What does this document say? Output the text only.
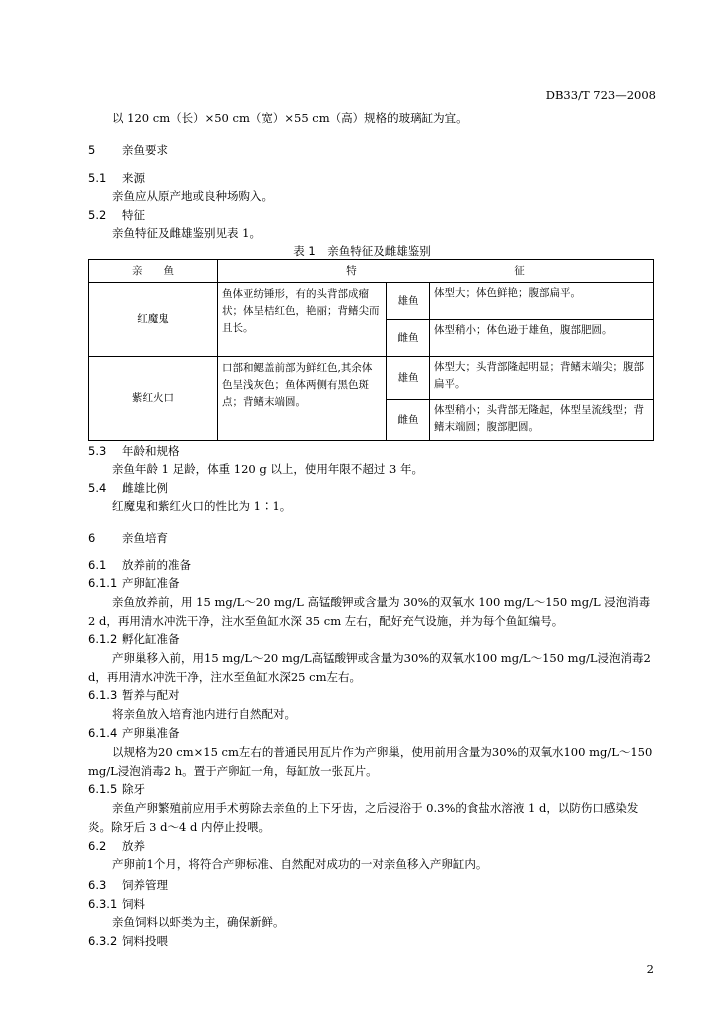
DB33/T 723—2008
以 120 cm（长）×50 cm（宽）×55 cm（高）规格的玻璃缸为宜。
5 亲鱼要求
5.1 来源
亲鱼应从原产地或良种场购入。
5.2 特征
亲鱼特征及雌雄鉴别见表 1。
表 1　亲鱼特征及雌雄鉴别
亲　　鱼	特　　　　　　　　　　　　　　　征		
红魔鬼	鱼体亚纺锤形，有的头背部成瘤状；体呈桔红色，艳丽；背鳍尖而且长。	雄鱼	体型大；体色鲜艳；腹部扁平。
		雌鱼	体型稍小；体色逊于雄鱼，腹部肥圆。
紫红火口	口部和鳃盖前部为鲜红色,其余体色呈浅灰色；鱼体两侧有黑色斑点；背鳍末端圆。	雄鱼	体型大；头背部隆起明显；背鳍末端尖；腹部扁平。
		雌鱼	体型稍小；头背部无隆起，体型呈流线型；背鳍末端圆；腹部肥圆。
5.3 年龄和规格
亲鱼年龄 1 足龄，体重 120 g 以上，使用年限不超过 3 年。
5.4 雌雄比例
红魔鬼和紫红火口的性比为 1∶1。
6 亲鱼培育
6.1 放养前的准备
6.1.1 产卵缸准备
亲鱼放养前，用 15 mg/L～20 mg/L 高锰酸钾或含量为 30%的双氧水 100 mg/L～150 mg/L 浸泡消毒 2 d，再用清水冲洗干净，注水至鱼缸水深 35 cm 左右，配好充气设施，并为每个鱼缸编号。
6.1.2 孵化缸准备
产卵巢移入前，用15 mg/L～20 mg/L高锰酸钾或含量为30%的双氧水100 mg/L～150 mg/L浸泡消毒2 d，再用清水冲洗干净，注水至鱼缸水深25 cm左右。
6.1.3 暂养与配对
将亲鱼放入培育池内进行自然配对。
6.1.4 产卵巢准备
以规格为20 cm×15 cm左右的普通民用瓦片作为产卵巢，使用前用含量为30%的双氧水100 mg/L～150 mg/L浸泡消毒2 h。置于产卵缸一角，每缸放一张瓦片。
6.1.5 除牙
亲鱼产卵繁殖前应用手术剪除去亲鱼的上下牙齿，之后浸浴于 0.3%的食盐水溶液 1 d，以防伤口感染发炎。除牙后 3 d～4 d 内停止投喂。
6.2 放养
产卵前1个月，将符合产卵标准、自然配对成功的一对亲鱼移入产卵缸内。
6.3 饲养管理
6.3.1 饲料
亲鱼饲料以虾类为主，确保新鲜。
6.3.2 饲料投喂
2
